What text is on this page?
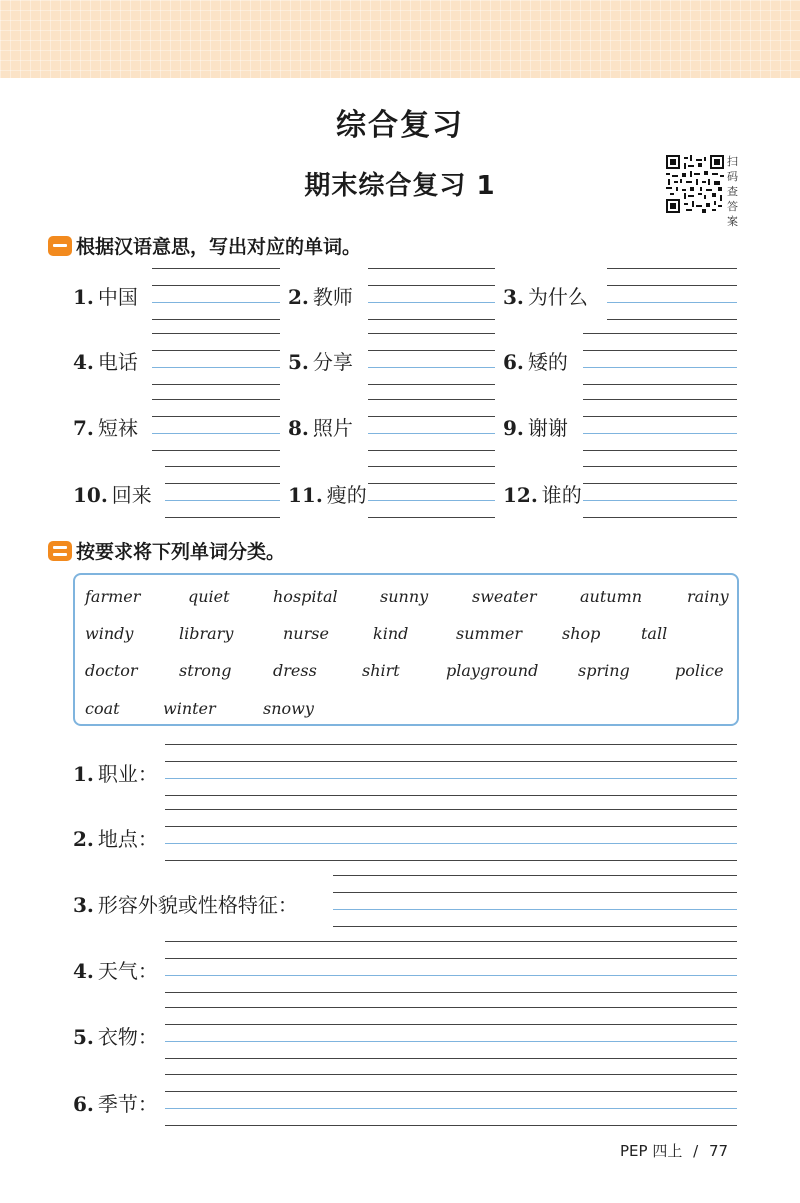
综合复习
期末综合复习 1
扫
码
查
答
案
根据汉语意思，写出对应的单词。
1. 中国	2. 教师	3. 为什么
4. 电话	5. 分享	6. 矮的
7. 短袜	8. 照片	9. 谢谢
10. 回来	11. 瘦的	12. 谁的
按要求将下列单词分类。
farmer	quiet	hospital	sunny	sweater	autumn	rainy
windy	library	nurse	kind	summer	shop	tall
doctor	strong	dress	shirt	playground spring	police
coat	winter	snowy
1. 职业：
2. 地点：
3. 形容外貌或性格特征：
4. 天气：
5. 衣物：
6. 季节：
PEP 四上 / 77
